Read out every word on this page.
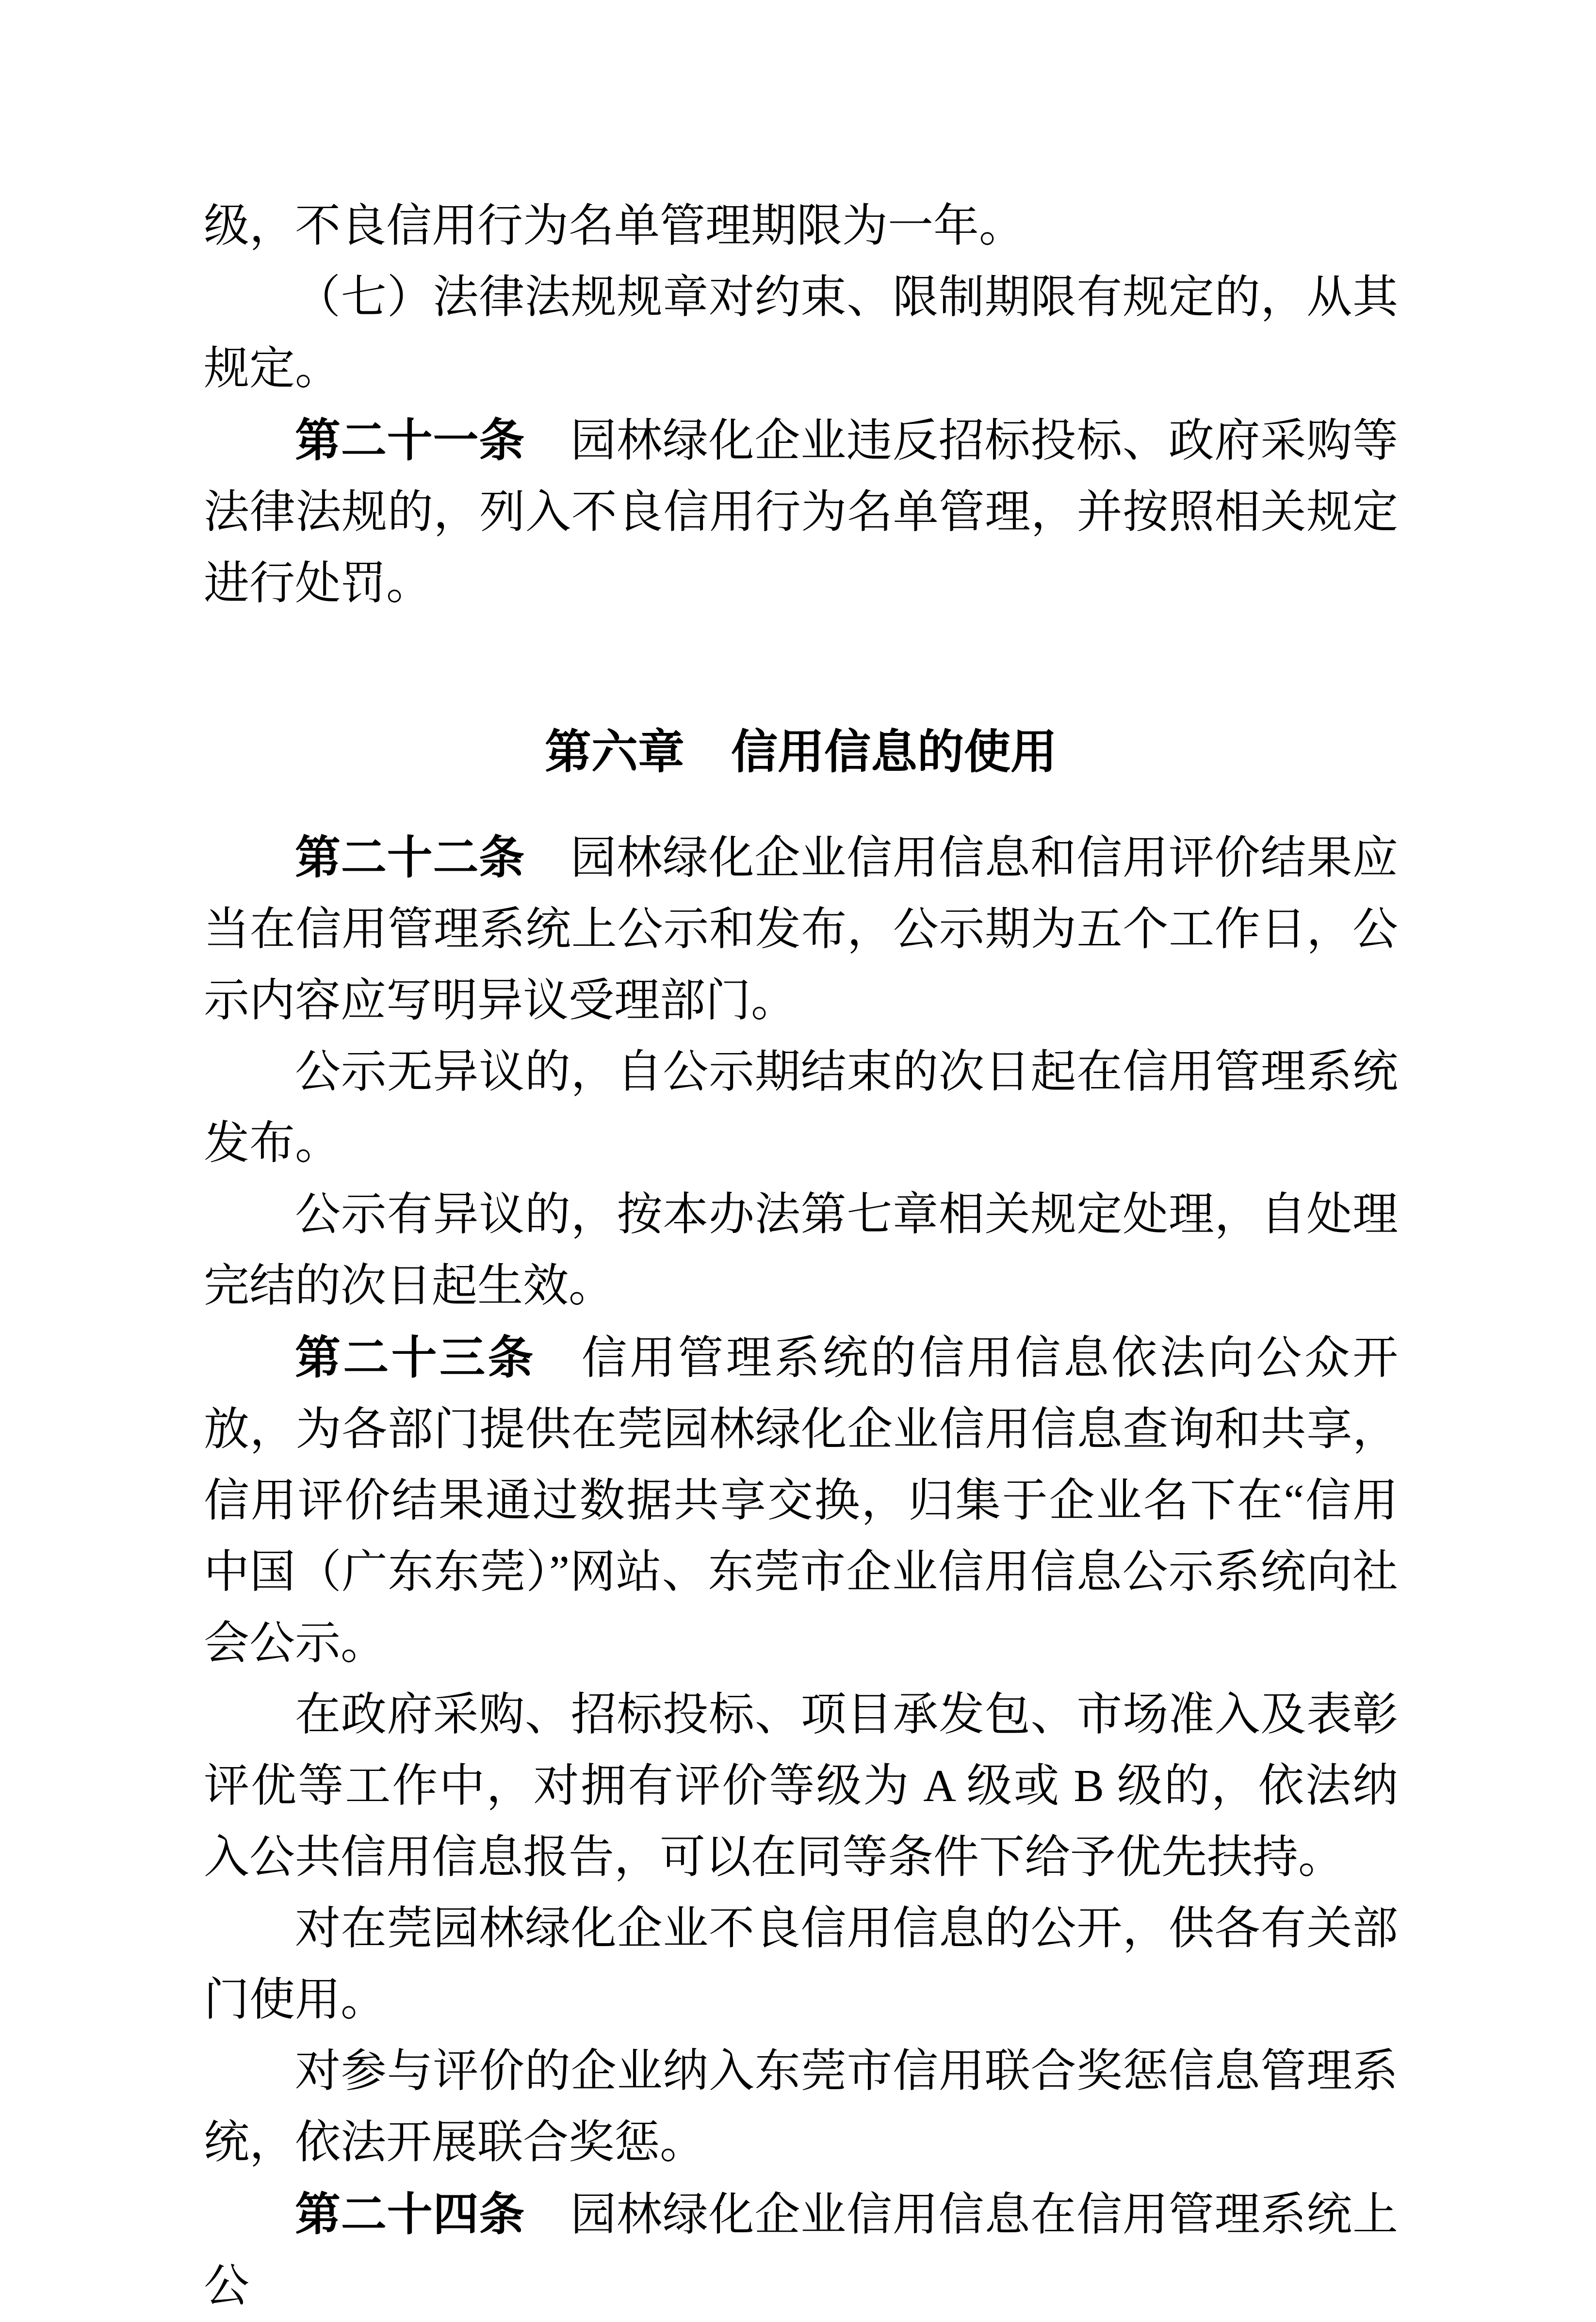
级，不良信用行为名单管理期限为一年。

（七）法律法规规章对约束、限制期限有规定的，从其规定。

第二十一条 园林绿化企业违反招标投标、政府采购等法律法规的，列入不良信用行为名单管理，并按照相关规定进行处罚。

第六章　信用信息的使用

第二十二条 园林绿化企业信用信息和信用评价结果应当在信用管理系统上公示和发布，公示期为五个工作日，公示内容应写明异议受理部门。

公示无异议的，自公示期结束的次日起在信用管理系统发布。

公示有异议的，按本办法第七章相关规定处理，自处理完结的次日起生效。

第二十三条 信用管理系统的信用信息依法向公众开放，为各部门提供在莞园林绿化企业信用信息查询和共享，信用评价结果通过数据共享交换，归集于企业名下在“信用中国（广东东莞）”网站、东莞市企业信用信息公示系统向社会公示。

在政府采购、招标投标、项目承发包、市场准入及表彰评优等工作中，对拥有评价等级为 A 级或 B 级的，依法纳入公共信用信息报告，可以在同等条件下给予优先扶持。

对在莞园林绿化企业不良信用信息的公开，供各有关部门使用。

对参与评价的企业纳入东莞市信用联合奖惩信息管理系统，依法开展联合奖惩。

第二十四条 园林绿化企业信用信息在信用管理系统上公
